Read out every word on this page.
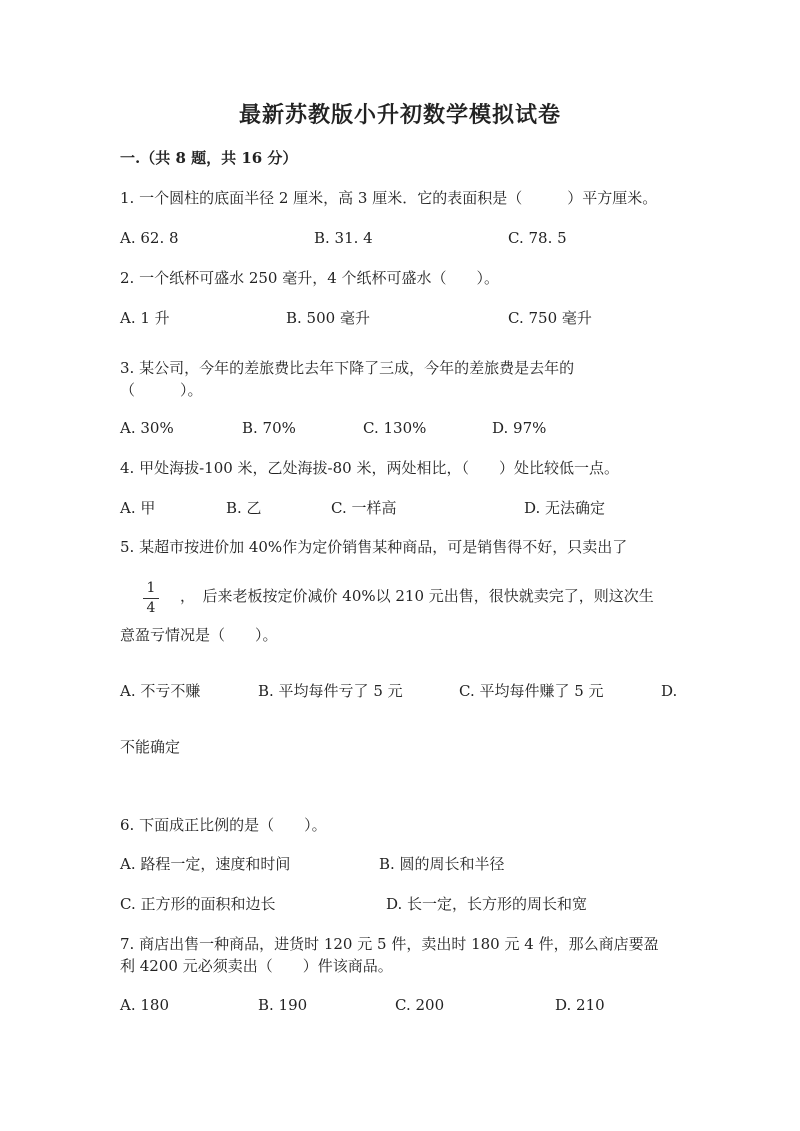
最新苏教版小升初数学模拟试卷
一.（共 8 题，共 16 分）
1. 一个圆柱的底面半径 2 厘米，高 3 厘米．它的表面积是（　　　）平方厘米。
A. 62. 8	B. 31. 4	C. 78. 5
2. 一个纸杯可盛水 250 毫升，4 个纸杯可盛水（　　）。
A. 1 升	B. 500 毫升	C. 750 毫升
3. 某公司，今年的差旅费比去年下降了三成，今年的差旅费是去年的
（　　　）。
A. 30%	B. 70%	C. 130%	D. 97%
4. 甲处海拔-100 米，乙处海拔-80 米，两处相比，（　　）处比较低一点。
A. 甲	B. 乙	C. 一样高	D. 无法确定
5. 某超市按进价加 40%作为定价销售某种商品，可是销售得不好，只卖出了
1
4
，　后来老板按定价减价 40%以 210 元出售，很快就卖完了，则这次生
意盈亏情况是（　　）。
A. 不亏不赚	B. 平均每件亏了 5 元	C. 平均每件赚了 5 元	D.
不能确定
6. 下面成正比例的是（　　）。
A. 路程一定，速度和时间	B. 圆的周长和半径
C. 正方形的面积和边长	D. 长一定，长方形的周长和宽
7. 商店出售一种商品，进货时 120 元 5 件，卖出时 180 元 4 件，那么商店要盈
利 4200 元必须卖出（　　）件该商品。
A. 180	B. 190	C. 200	D. 210
